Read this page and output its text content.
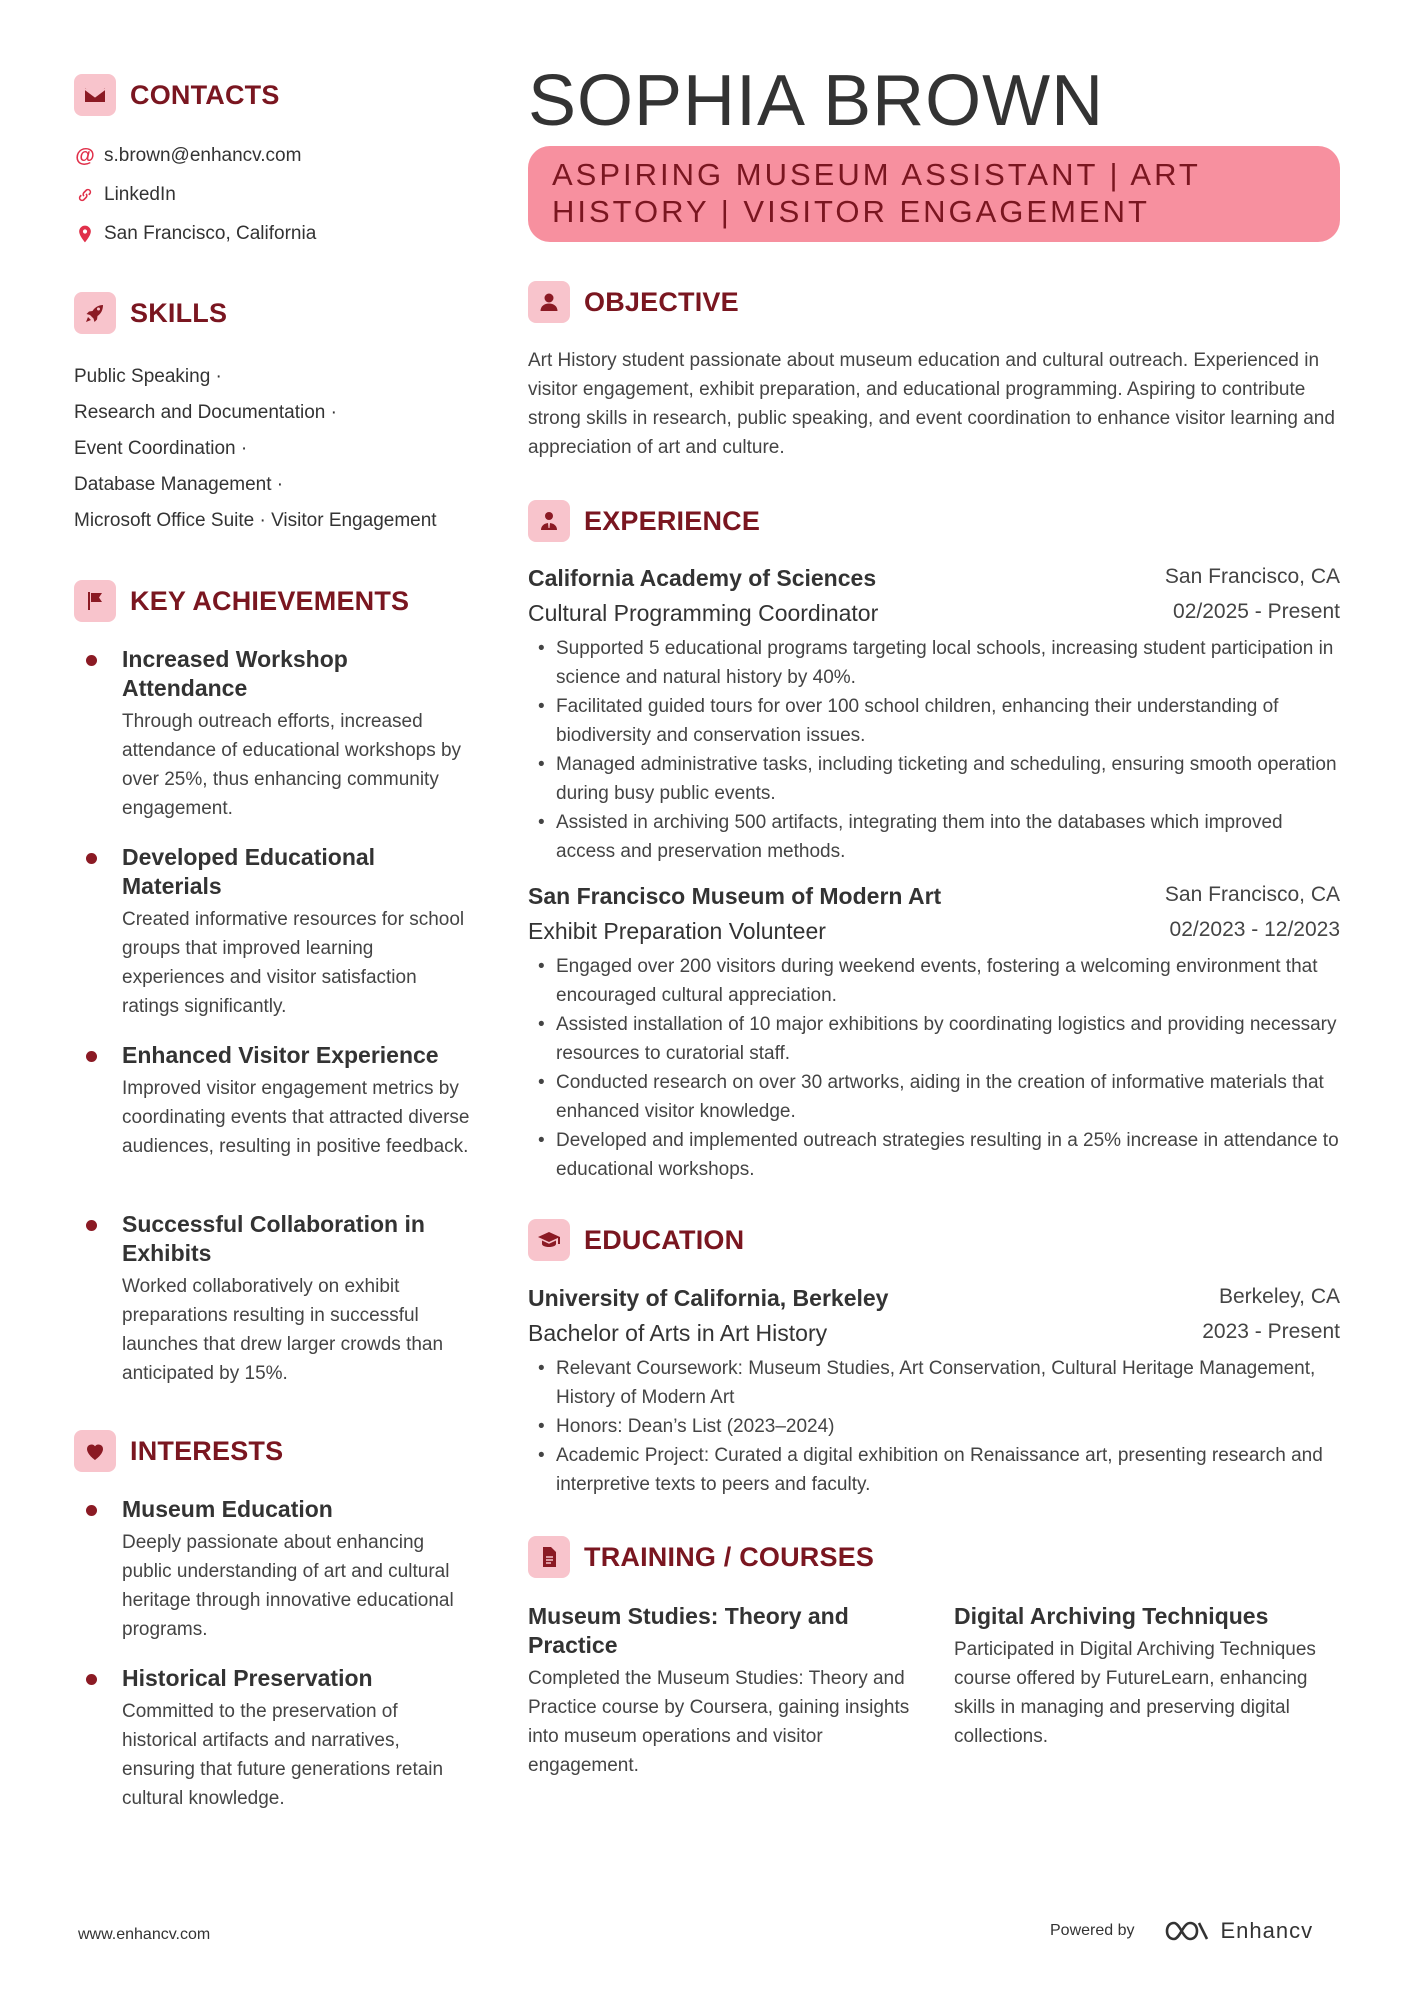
CONTACTS
@ s.brown@enhancv.com
LinkedIn
San Francisco, California
SKILLS
Public Speaking ·
Research and Documentation ·
Event Coordination ·
Database Management ·
Microsoft Office Suite · Visitor Engagement
KEY ACHIEVEMENTS
Increased Workshop Attendance
Through outreach efforts, increased attendance of educational workshops by over 25%, thus enhancing community engagement.
Developed Educational Materials
Created informative resources for school groups that improved learning experiences and visitor satisfaction ratings significantly.
Enhanced Visitor Experience
Improved visitor engagement metrics by coordinating events that attracted diverse audiences, resulting in positive feedback.
Successful Collaboration in Exhibits
Worked collaboratively on exhibit preparations resulting in successful launches that drew larger crowds than anticipated by 15%.
INTERESTS
Museum Education
Deeply passionate about enhancing public understanding of art and cultural heritage through innovative educational programs.
Historical Preservation
Committed to the preservation of historical artifacts and narratives, ensuring that future generations retain cultural knowledge.
SOPHIA BROWN
ASPIRING MUSEUM ASSISTANT | ART HISTORY | VISITOR ENGAGEMENT
OBJECTIVE
Art History student passionate about museum education and cultural outreach. Experienced in visitor engagement, exhibit preparation, and educational programming. Aspiring to contribute strong skills in research, public speaking, and event coordination to enhance visitor learning and appreciation of art and culture.
EXPERIENCE
California Academy of Sciences	San Francisco, CA
Cultural Programming Coordinator	02/2025 - Present
• Supported 5 educational programs targeting local schools, increasing student participation in science and natural history by 40%.
• Facilitated guided tours for over 100 school children, enhancing their understanding of biodiversity and conservation issues.
• Managed administrative tasks, including ticketing and scheduling, ensuring smooth operation during busy public events.
• Assisted in archiving 500 artifacts, integrating them into the databases which improved access and preservation methods.
San Francisco Museum of Modern Art	San Francisco, CA
Exhibit Preparation Volunteer	02/2023 - 12/2023
• Engaged over 200 visitors during weekend events, fostering a welcoming environment that encouraged cultural appreciation.
• Assisted installation of 10 major exhibitions by coordinating logistics and providing necessary resources to curatorial staff.
• Conducted research on over 30 artworks, aiding in the creation of informative materials that enhanced visitor knowledge.
• Developed and implemented outreach strategies resulting in a 25% increase in attendance to educational workshops.
EDUCATION
University of California, Berkeley	Berkeley, CA
Bachelor of Arts in Art History	2023 - Present
• Relevant Coursework: Museum Studies, Art Conservation, Cultural Heritage Management, History of Modern Art
• Honors: Dean’s List (2023–2024)
• Academic Project: Curated a digital exhibition on Renaissance art, presenting research and interpretive texts to peers and faculty.
TRAINING / COURSES
Museum Studies: Theory and Practice
Completed the Museum Studies: Theory and Practice course by Coursera, gaining insights into museum operations and visitor engagement.
Digital Archiving Techniques
Participated in Digital Archiving Techniques course offered by FutureLearn, enhancing skills in managing and preserving digital collections.
www.enhancv.com	Powered by	Enhancv
